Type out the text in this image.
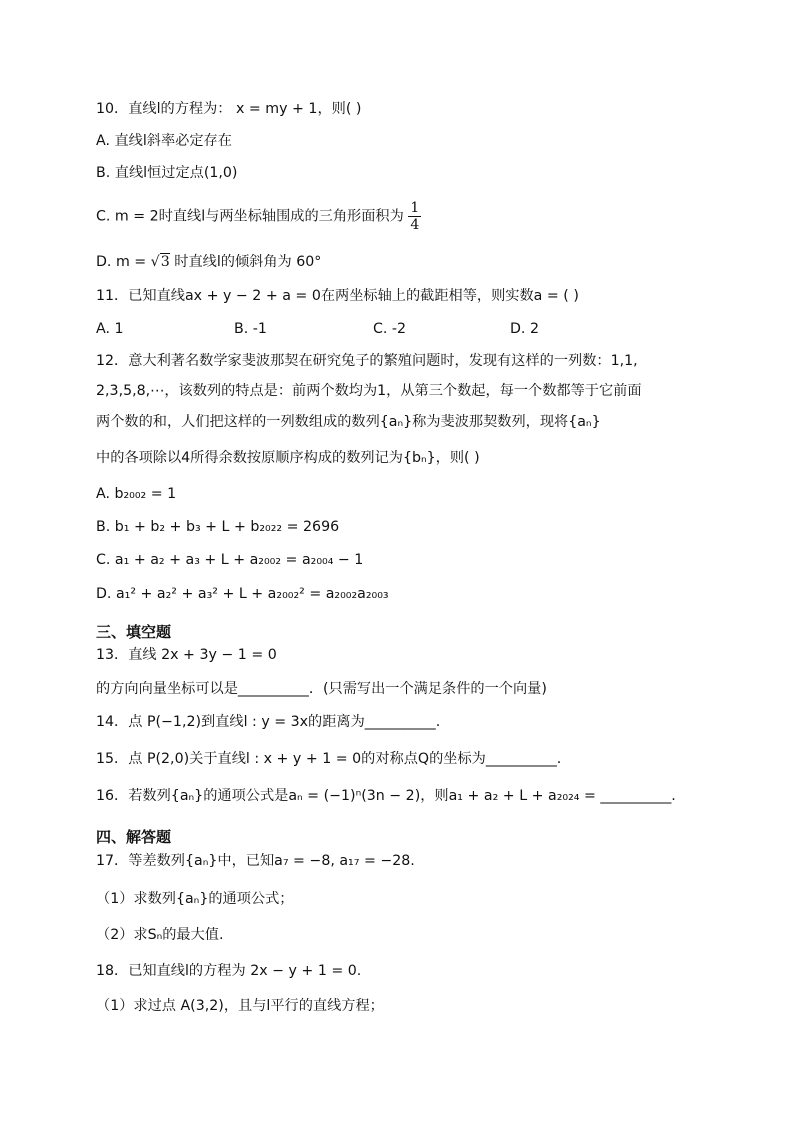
10．直线l的方程为： x = my + 1，则( )
A. 直线l斜率必定存在
B. 直线l恒过定点(1,0)
C. m = 2时直线l与两坐标轴围成的三角形面积为 $\frac{1}{4}$
D. m = √3 时直线l的倾斜角为 60°
11．已知直线ax + y − 2 + a = 0在两坐标轴上的截距相等，则实数a = ( )
A. 1	B. -1	C. -2	D. 2
12．意大利著名数学家斐波那契在研究兔子的繁殖问题时，发现有这样的一列数：1,1,
2,3,5,8,⋯，该数列的特点是：前两个数均为1，从第三个数起，每一个数都等于它前面
两个数的和，人们把这样的一列数组成的数列{aₙ}称为斐波那契数列，现将{aₙ}
中的各项除以4所得余数按原顺序构成的数列记为{bₙ}，则( )
A. b₂₀₀₂ = 1
B. b₁ + b₂ + b₃ + L + b₂₀₂₂ = 2696
C. a₁ + a₂ + a₃ + L + a₂₀₀₂ = a₂₀₀₄ − 1
D. a₁² + a₂² + a₃² + L + a₂₀₀₂² = a₂₀₀₂a₂₀₀₃
三、填空题
13．直线 2x + 3y − 1 = 0
的方向向量坐标可以是__________．(只需写出一个满足条件的一个向量)
14．点 P(−1,2)到直线l : y = 3x的距离为__________.
15．点 P(2,0)关于直线l : x + y + 1 = 0的对称点Q的坐标为__________.
16．若数列{aₙ}的通项公式是aₙ = (−1)ⁿ(3n − 2)，则a₁ + a₂ + L + a₂₀₂₄ = __________.
四、解答题
17．等差数列{aₙ}中，已知a₇ = −8, a₁₇ = −28.
（1）求数列{aₙ}的通项公式；
（2）求Sₙ的最大值.
18．已知直线l的方程为 2x − y + 1 = 0.
（1）求过点 A(3,2)，且与l平行的直线方程；
